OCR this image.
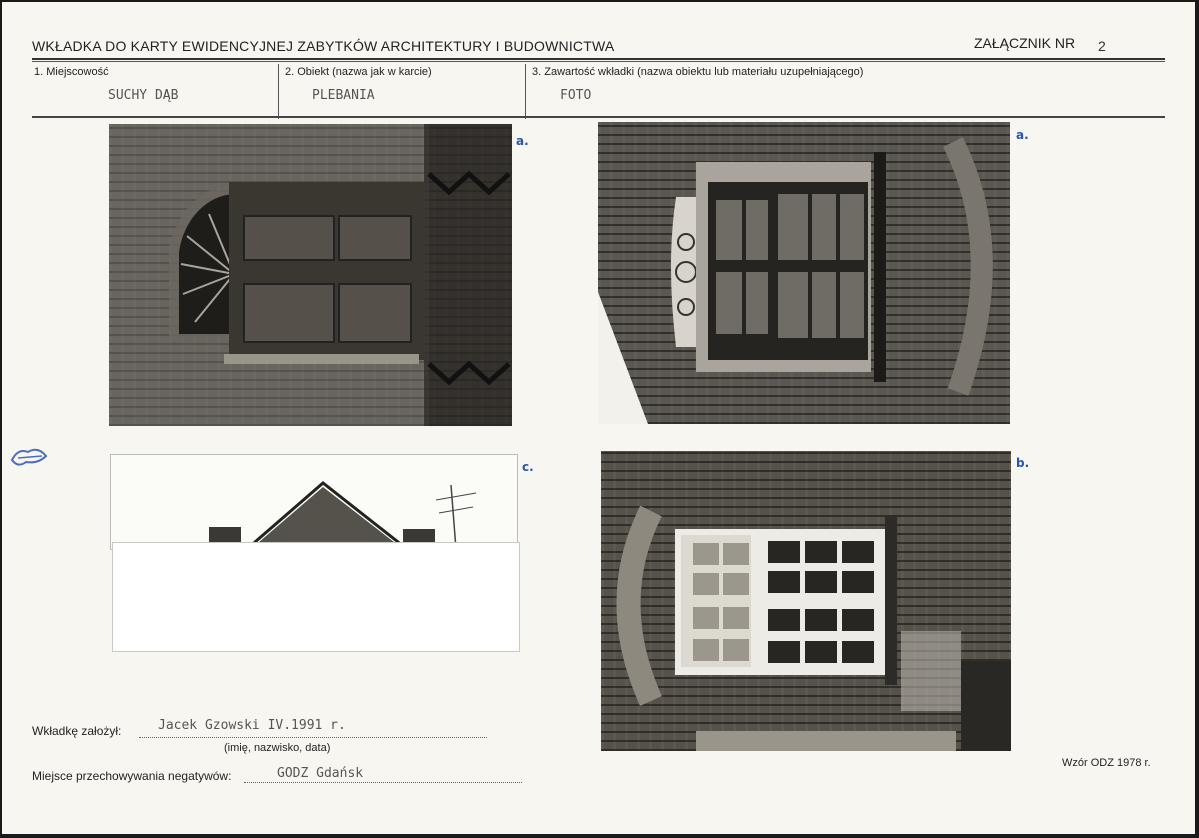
WKŁADKA DO KARTY EWIDENCYJNEJ ZABYTKÓW ARCHITEKTURY I BUDOWNICTWA	ZAŁĄCZNIK NR 2
1. Miejscowość
SUCHY DĄB
2. Obiekt (nazwa jak w karcie)
PLEBANIA
3. Zawartość wkładki (nazwa obiektu lub materiału uzupełniającego)
FOTO
a.	a.
c.	b.
Wkładkę założył:	Jacek Gzowski IV.1991 r.
(imię, nazwisko, data)
Miejsce przechowywania negatywów:	GODZ Gdańsk
Wzór ODZ 1978 r.
